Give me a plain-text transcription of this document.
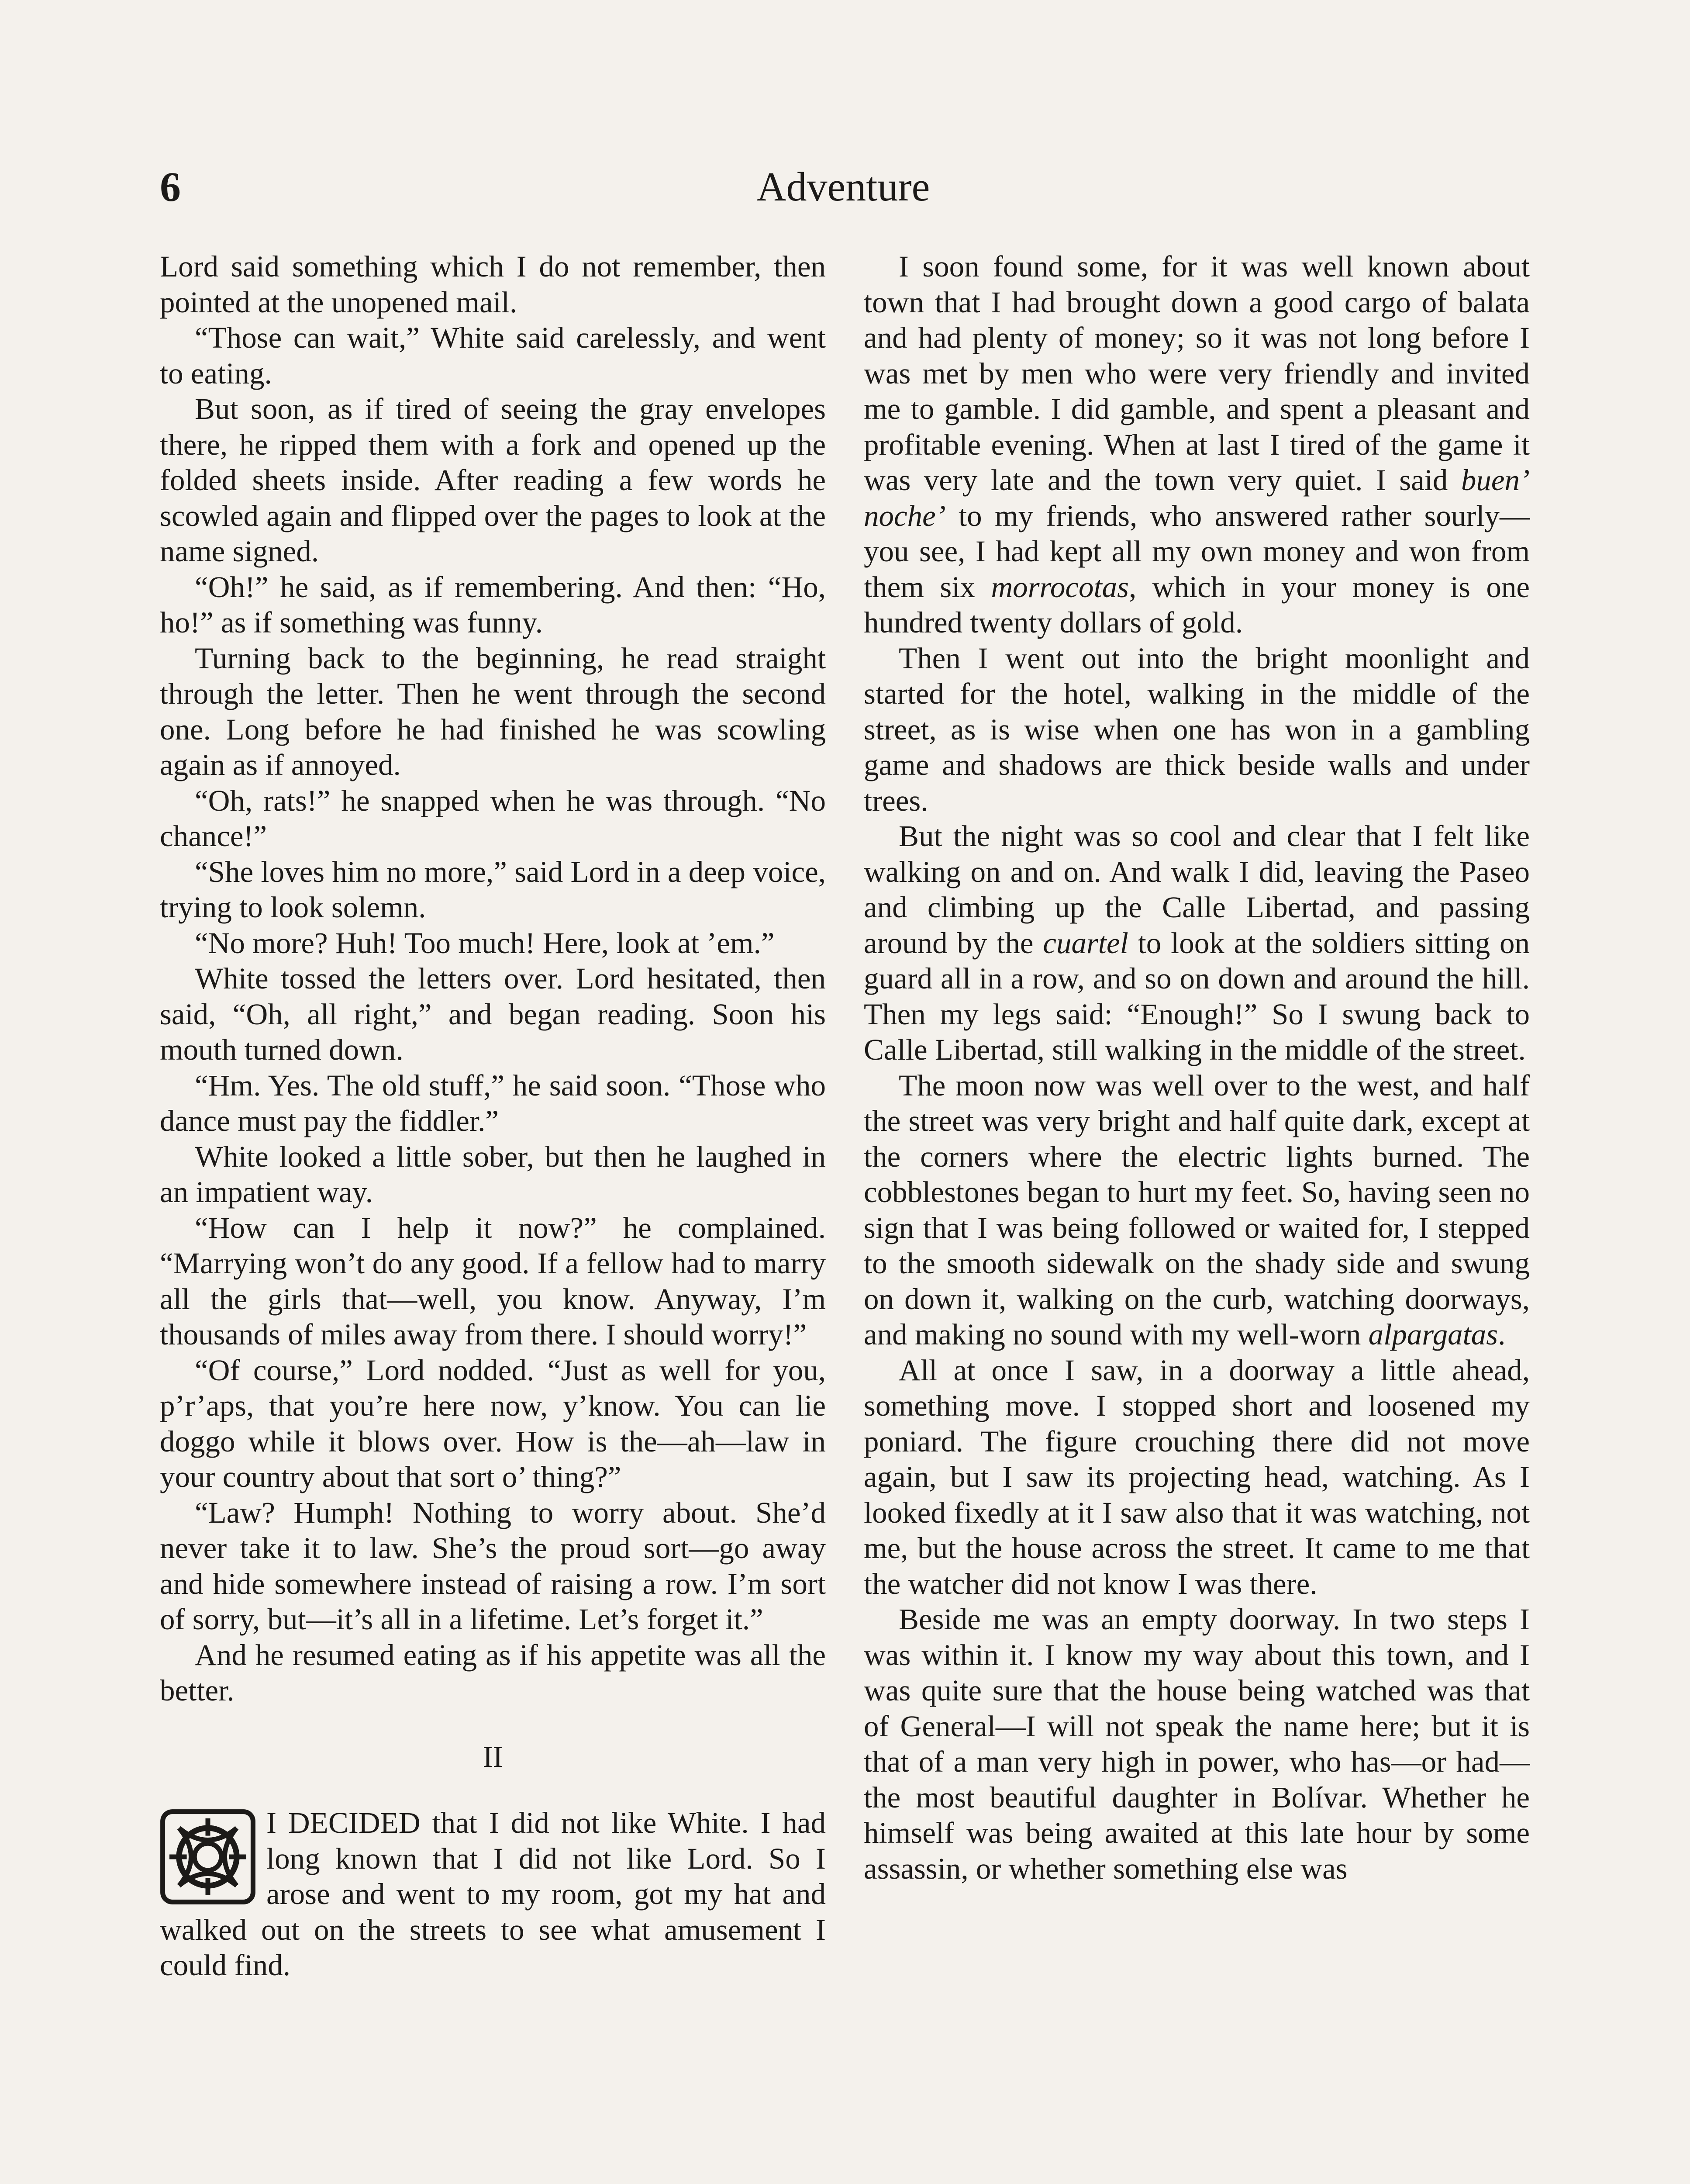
6	Adventure

Lord said something which I do not remember, then pointed at the unopened mail.

“Those can wait,” White said carelessly, and went to eating.

But soon, as if tired of seeing the gray envelopes there, he ripped them with a fork and opened up the folded sheets inside. After reading a few words he scowled again and flipped over the pages to look at the name signed.

“Oh!” he said, as if remembering. And then: “Ho, ho!” as if something was funny.

Turning back to the beginning, he read straight through the letter. Then he went through the second one. Long before he had finished he was scowling again as if annoyed.

“Oh, rats!” he snapped when he was through. “No chance!”

“She loves him no more,” said Lord in a deep voice, trying to look solemn.

“No more? Huh! Too much! Here, look at ’em.”

White tossed the letters over. Lord hesitated, then said, “Oh, all right,” and began reading. Soon his mouth turned down.

“Hm. Yes. The old stuff,” he said soon. “Those who dance must pay the fiddler.”

White looked a little sober, but then he laughed in an impatient way.

“How can I help it now?” he complained. “Marrying won’t do any good. If a fellow had to marry all the girls that—well, you know. Anyway, I’m thousands of miles away from there. I should worry!”

“Of course,” Lord nodded. “Just as well for you, p’r’aps, that you’re here now, y’know. You can lie doggo while it blows over. How is the—ah—law in your country about that sort o’ thing?”

“Law? Humph! Nothing to worry about. She’d never take it to law. She’s the proud sort—go away and hide somewhere instead of raising a row. I’m sort of sorry, but—it’s all in a lifetime. Let’s forget it.”

And he resumed eating as if his appetite was all the better.

II

I DECIDED that I did not like White. I had long known that I did not like Lord. So I arose and went to my room, got my hat and walked out on the streets to see what amusement I could find.

I soon found some, for it was well known about town that I had brought down a good cargo of balata and had plenty of money; so it was not long before I was met by men who were very friendly and invited me to gamble. I did gamble, and spent a pleasant and profitable evening. When at last I tired of the game it was very late and the town very quiet. I said buen’ noche’ to my friends, who answered rather sourly—you see, I had kept all my own money and won from them six morrocotas, which in your money is one hundred twenty dollars of gold.

Then I went out into the bright moonlight and started for the hotel, walking in the middle of the street, as is wise when one has won in a gambling game and shadows are thick beside walls and under trees.

But the night was so cool and clear that I felt like walking on and on. And walk I did, leaving the Paseo and climbing up the Calle Libertad, and passing around by the cuartel to look at the soldiers sitting on guard all in a row, and so on down and around the hill. Then my legs said: “Enough!” So I swung back to Calle Libertad, still walking in the middle of the street.

The moon now was well over to the west, and half the street was very bright and half quite dark, except at the corners where the electric lights burned. The cobblestones began to hurt my feet. So, having seen no sign that I was being followed or waited for, I stepped to the smooth sidewalk on the shady side and swung on down it, walking on the curb, watching doorways, and making no sound with my well-worn alpargatas.

All at once I saw, in a doorway a little ahead, something move. I stopped short and loosened my poniard. The figure crouching there did not move again, but I saw its projecting head, watching. As I looked fixedly at it I saw also that it was watching, not me, but the house across the street. It came to me that the watcher did not know I was there.

Beside me was an empty doorway. In two steps I was within it. I know my way about this town, and I was quite sure that the house being watched was that of General—I will not speak the name here; but it is that of a man very high in power, who has—or had—the most beautiful daughter in Bolívar. Whether he himself was being awaited at this late hour by some assassin, or whether something else was
